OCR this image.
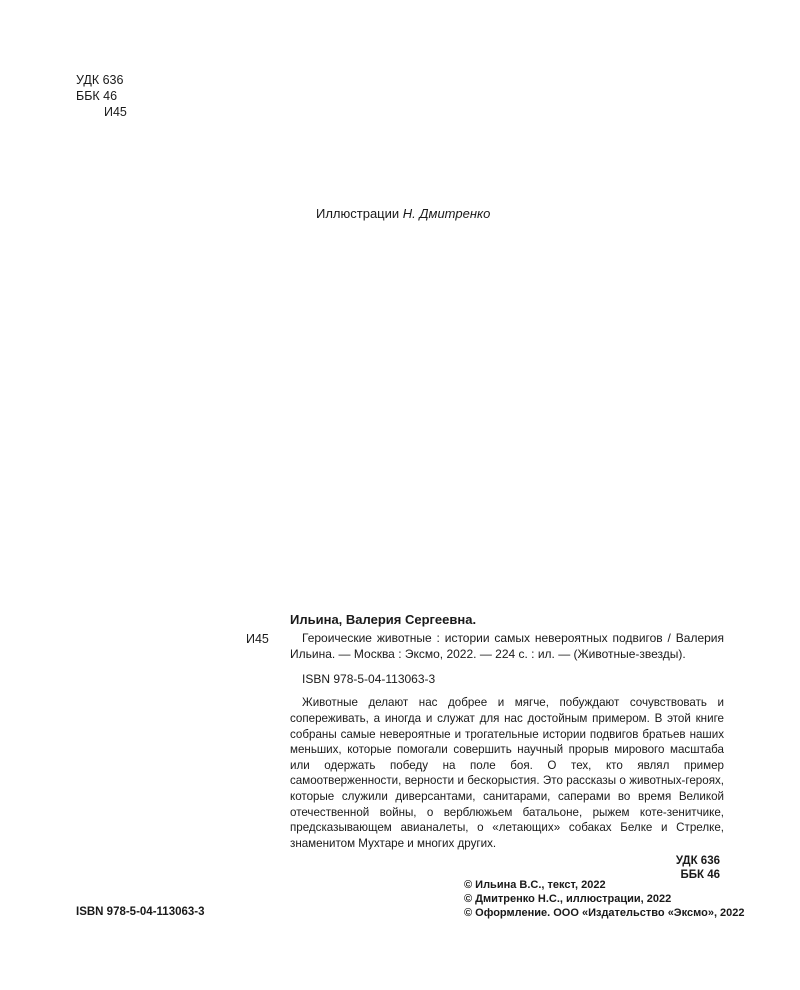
УДК 636
ББК 46
И45
Иллюстрации Н. Дмитренко
И45
Ильина, Валерия Сергеевна.
Героические животные : истории самых невероятных подвигов / Валерия Ильина. — Москва : Эксмо, 2022. — 224 с. : ил. — (Животные-звезды).
ISBN 978-5-04-113063-3
Животные делают нас добрее и мягче, побуждают сочувствовать и сопереживать, а иногда и служат для нас достойным примером. В этой книге собраны самые невероятные и трогательные истории подвигов братьев наших меньших, которые помогали совершить научный прорыв мирового масштаба или одержать победу на поле боя. О тех, кто являл пример самоотверженности, верности и бескорыстия. Это рассказы о животных-героях, которые служили диверсантами, санитарами, саперами во время Великой отечественной войны, о верблюжьем батальоне, рыжем коте-зенитчике, предсказывающем авианалеты, о «летающих» собаках Белке и Стрелке, знаменитом Мухтаре и многих других.
УДК 636
ББК 46
ISBN 978-5-04-113063-3
© Ильина В.С., текст, 2022
© Дмитренко Н.С., иллюстрации, 2022
© Оформление. ООО «Издательство «Эксмо», 2022
